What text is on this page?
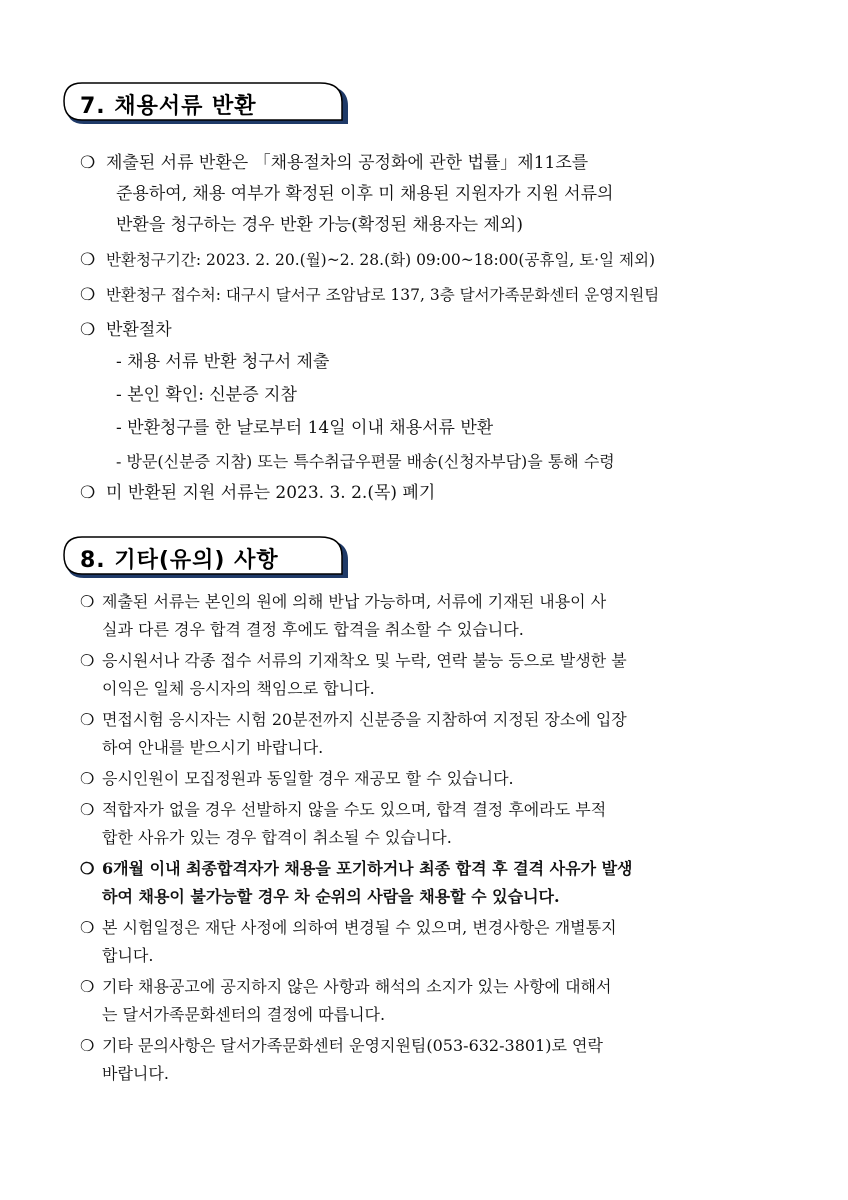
7. 채용서류 반환
❍ 제출된 서류 반환은 「채용절차의 공정화에 관한 법률」제11조를
준용하여, 채용 여부가 확정된 이후 미 채용된 지원자가 지원 서류의
반환을 청구하는 경우 반환 가능(확정된 채용자는 제외)
❍ 반환청구기간: 2023. 2. 20.(월)~2. 28.(화) 09:00~18:00(공휴일, 토·일 제외)
❍ 반환청구 접수처: 대구시 달서구 조암남로 137, 3층 달서가족문화센터 운영지원팀
❍ 반환절차
- 채용 서류 반환 청구서 제출
- 본인 확인: 신분증 지참
- 반환청구를 한 날로부터 14일 이내 채용서류 반환
- 방문(신분증 지참) 또는 특수취급우편물 배송(신청자부담)을 통해 수령
❍ 미 반환된 지원 서류는 2023. 3. 2.(목) 폐기
8. 기타(유의) 사항
❍ 제출된 서류는 본인의 원에 의해 반납 가능하며, 서류에 기재된 내용이 사
실과 다른 경우 합격 결정 후에도 합격을 취소할 수 있습니다.
❍ 응시원서나 각종 접수 서류의 기재착오 및 누락, 연락 불능 등으로 발생한 불
이익은 일체 응시자의 책임으로 합니다.
❍ 면접시험 응시자는 시험 20분전까지 신분증을 지참하여 지정된 장소에 입장
하여 안내를 받으시기 바랍니다.
❍ 응시인원이 모집정원과 동일할 경우 재공모 할 수 있습니다.
❍ 적합자가 없을 경우 선발하지 않을 수도 있으며, 합격 결정 후에라도 부적
합한 사유가 있는 경우 합격이 취소될 수 있습니다.
❍ 6개월 이내 최종합격자가 채용을 포기하거나 최종 합격 후 결격 사유가 발생
하여 채용이 불가능할 경우 차 순위의 사람을 채용할 수 있습니다.
❍ 본 시험일정은 재단 사정에 의하여 변경될 수 있으며, 변경사항은 개별통지
합니다.
❍ 기타 채용공고에 공지하지 않은 사항과 해석의 소지가 있는 사항에 대해서
는 달서가족문화센터의 결정에 따릅니다.
❍ 기타 문의사항은 달서가족문화센터 운영지원팀(053-632-3801)로 연락
바랍니다.
